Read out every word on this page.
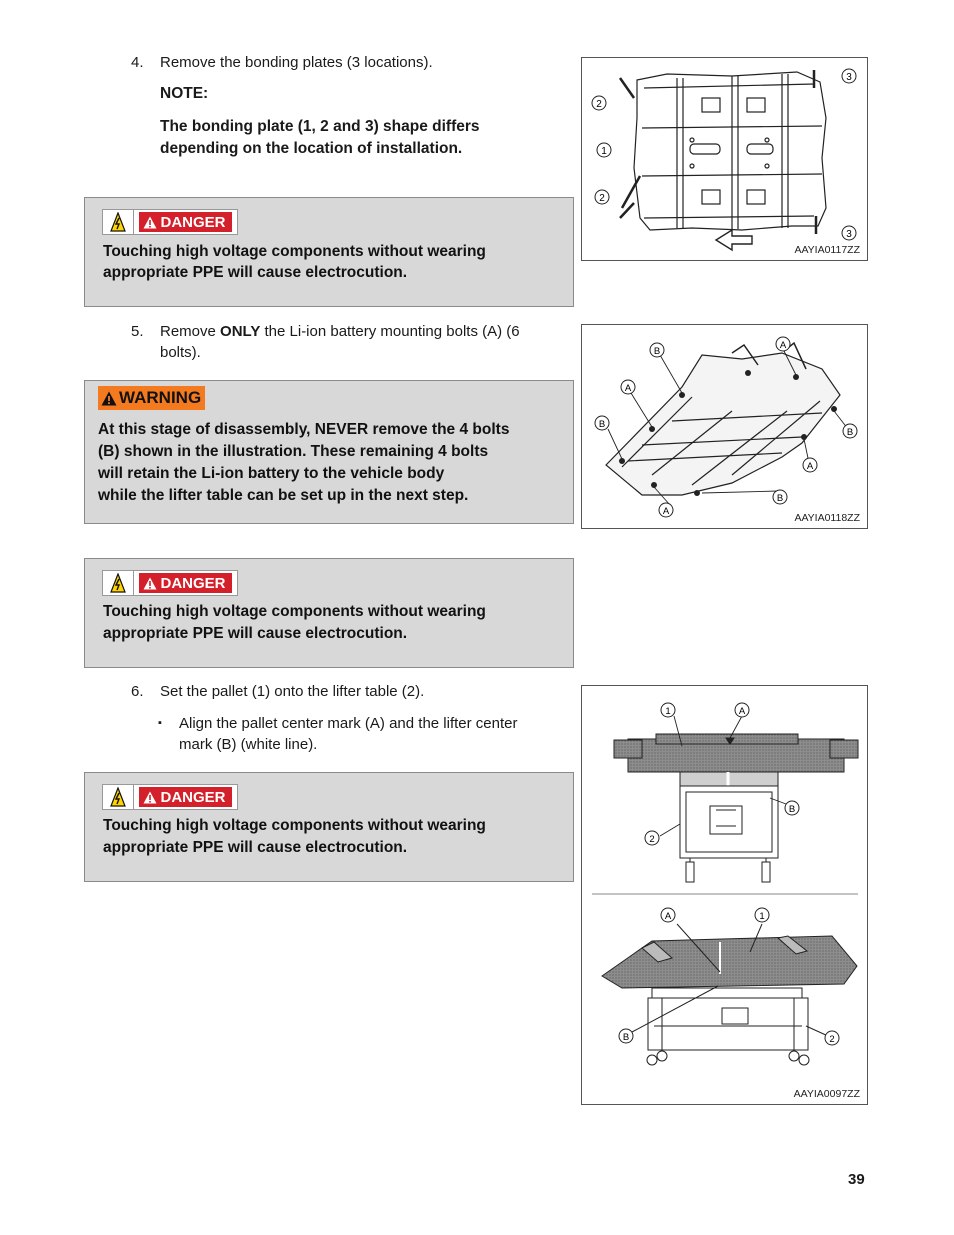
4. Remove the bonding plates (3 locations).
NOTE:
The bonding plate (1, 2 and 3) shape differs
depending on the location of installation.
DANGER
Touching high voltage components without wearing
appropriate PPE will cause electrocution.
5. Remove ONLY the Li-ion battery mounting bolts (A) (6
bolts).
WARNING
At this stage of disassembly, NEVER remove the 4 bolts
(B) shown in the illustration. These remaining 4 bolts
will retain the Li-ion battery to the vehicle body
while the lifter table can be set up in the next step.
DANGER
Touching high voltage components without wearing
appropriate PPE will cause electrocution.
6. Set the pallet (1) onto the lifter table (2).
▪ Align the pallet center mark (A) and the lifter center
mark (B) (white line).
DANGER
Touching high voltage components without wearing
appropriate PPE will cause electrocution.
3
2
1
2
3
AAYIA0117ZZ
B
A
A
B
B
A
B
A
AAYIA0118ZZ
1	A
B
2
A	1
B	2
AAYIA0097ZZ
39
